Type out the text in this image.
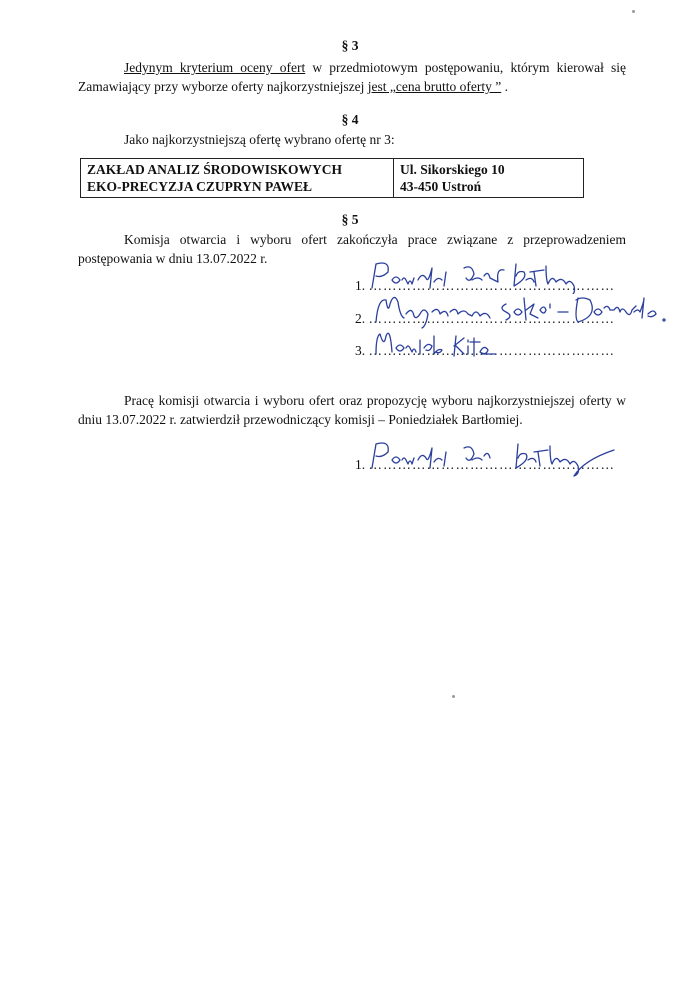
§ 3
Jedynym kryterium oceny ofert w przedmiotowym postępowaniu, którym kierował się Zamawiający przy wyborze oferty najkorzystniejszej jest „cena brutto oferty ” .
§ 4
Jako najkorzystniejszą ofertę wybrano ofertę nr 3:
ZAKŁAD ANALIZ ŚRODOWISKOWYCH
EKO-PRECYZJA CZUPRYN PAWEŁ

Ul. Sikorskiego 10
43-450 Ustroń
§ 5
Komisja otwarcia i wyboru ofert zakończyła prace związane z przeprowadzeniem postępowania w dniu 13.07.2022 r.
1. ……………………………………………
2. ……………………………………………
3. ……………………………………………
Pracę komisji otwarcia i wyboru ofert oraz propozycję wyboru najkorzystniejszej oferty w dniu 13.07.2022 r. zatwierdził przewodniczący komisji – Poniedziałek Bartłomiej.
1. ……………………………………………
